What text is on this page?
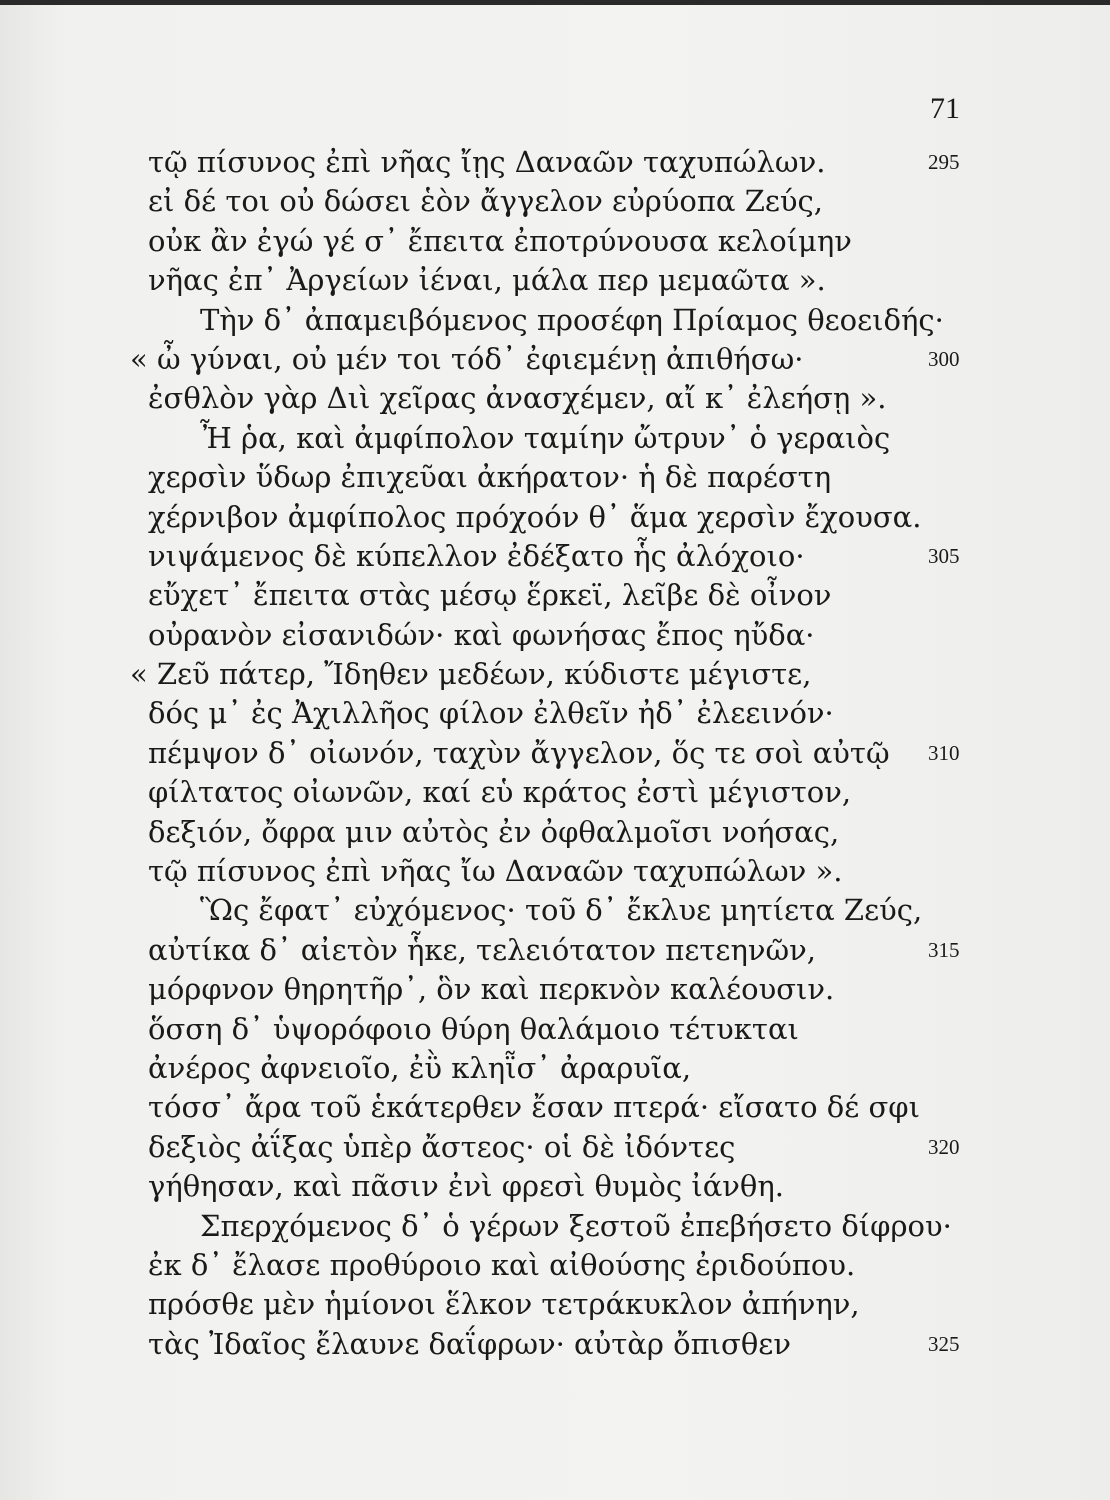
71
τῷ πίσυνος ἐπὶ νῆας ἴῃς Δαναῶν ταχυπώλων.	295
εἰ δέ τοι οὐ δώσει ἑὸν ἄγγελον εὐρύοπα Ζεύς,
οὐκ ἂν ἐγώ γέ σ᾽ ἔπειτα ἐποτρύνουσα κελοίμην
νῆας ἐπ᾽ Ἀργείων ἰέναι, μάλα περ μεμαῶτα ».
Τὴν δ᾽ ἀπαμειβόμενος προσέφη Πρίαμος θεοειδής·
« ὦ γύναι, οὐ μέν τοι τόδ᾽ ἐφιεμένῃ ἀπιθήσω·	300
ἐσθλὸν γὰρ Διὶ χεῖρας ἀνασχέμεν, αἴ κ᾽ ἐλεήσῃ ».
Ἦ ῥα, καὶ ἀμφίπολον ταμίην ὤτρυν᾽ ὁ γεραιὸς
χερσὶν ὕδωρ ἐπιχεῦαι ἀκήρατον· ἡ δὲ παρέστη
χέρνιβον ἀμφίπολος πρόχοόν θ᾽ ἅμα χερσὶν ἔχουσα.
νιψάμενος δὲ κύπελλον ἐδέξατο ἧς ἀλόχοιο·	305
εὔχετ᾽ ἔπειτα στὰς μέσῳ ἕρκεϊ, λεῖβε δὲ οἶνον
οὐρανὸν εἰσανιδών· καὶ φωνήσας ἔπος ηὔδα·
« Ζεῦ πάτερ, Ἴδηθεν μεδέων, κύδιστε μέγιστε,
δός μ᾽ ἐς Ἀχιλλῆος φίλον ἐλθεῖν ἠδ᾽ ἐλεεινόν·
πέμψον δ᾽ οἰωνόν, ταχὺν ἄγγελον, ὅς τε σοὶ αὐτῷ 310
φίλτατος οἰωνῶν, καί εὑ κράτος ἐστὶ μέγιστον,
δεξιόν, ὄφρα μιν αὐτὸς ἐν ὀφθαλμοῖσι νοήσας,
τῷ πίσυνος ἐπὶ νῆας ἴω Δαναῶν ταχυπώλων ».
Ὣς ἔφατ᾽ εὐχόμενος· τοῦ δ᾽ ἔκλυε μητίετα Ζεύς,
αὐτίκα δ᾽ αἰετὸν ἧκε, τελειότατον πετεηνῶν,	315
μόρφνον θηρητῆρ᾽, ὃν καὶ περκνὸν καλέουσιν.
ὅσση δ᾽ ὑψορόφοιο θύρη θαλάμοιο τέτυκται
ἀνέρος ἀφνειοῖο, ἐῢ κληῗσ᾽ ἀραρυῖα,
τόσσ᾽ ἄρα τοῦ ἑκάτερθεν ἔσαν πτερά· εἴσατο δέ σφι
δεξιὸς ἀΐξας ὑπὲρ ἄστεος· οἱ δὲ ἰδόντες	320
γήθησαν, καὶ πᾶσιν ἐνὶ φρεσὶ θυμὸς ἰάνθη.
Σπερχόμενος δ᾽ ὁ γέρων ξεστοῦ ἐπεβήσετο δίφρου·
ἐκ δ᾽ ἔλασε προθύροιο καὶ αἰθούσης ἐριδούπου.
πρόσθε μὲν ἡμίονοι ἕλκον τετράκυκλον ἀπήνην,
τὰς Ἰδαῖος ἔλαυνε δαΐφρων· αὐτὰρ ὄπισθεν	325
